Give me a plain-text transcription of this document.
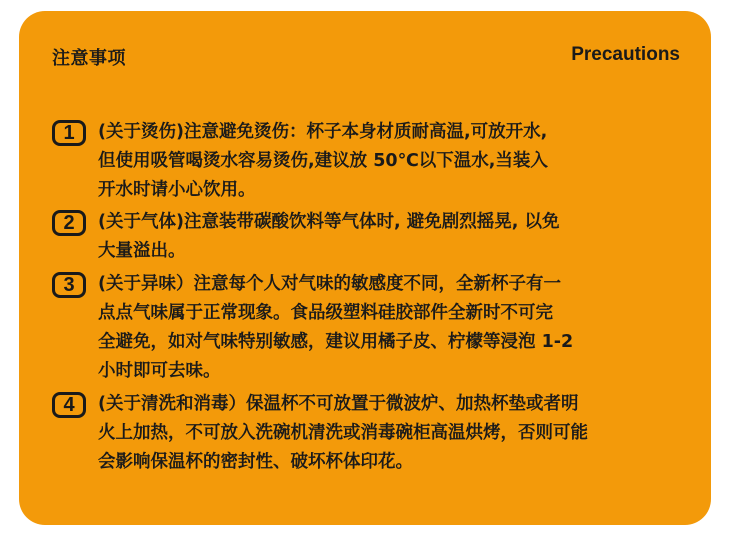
注意事项	Precautions
1	(关于烫伤)注意避免烫伤：杯子本身材质耐高温,可放开水,
但使用吸管喝烫水容易烫伤,建议放 50℃以下温水,当装入
开水时请小心饮用。
2	(关于气体)注意装带碳酸饮料等气体时, 避免剧烈摇晃, 以免
大量溢出。
3	(关于异味）注意每个人对气味的敏感度不同，全新杯子有一
点点气味属于正常现象。食品级塑料硅胶部件全新时不可完
全避免，如对气味特别敏感，建议用橘子皮、柠檬等浸泡 1-2
小时即可去味。
4	(关于清洗和消毒）保温杯不可放置于微波炉、加热杯垫或者明
火上加热，不可放入洗碗机清洗或消毒碗柜高温烘烤，否则可能
会影响保温杯的密封性、破坏杯体印花。
